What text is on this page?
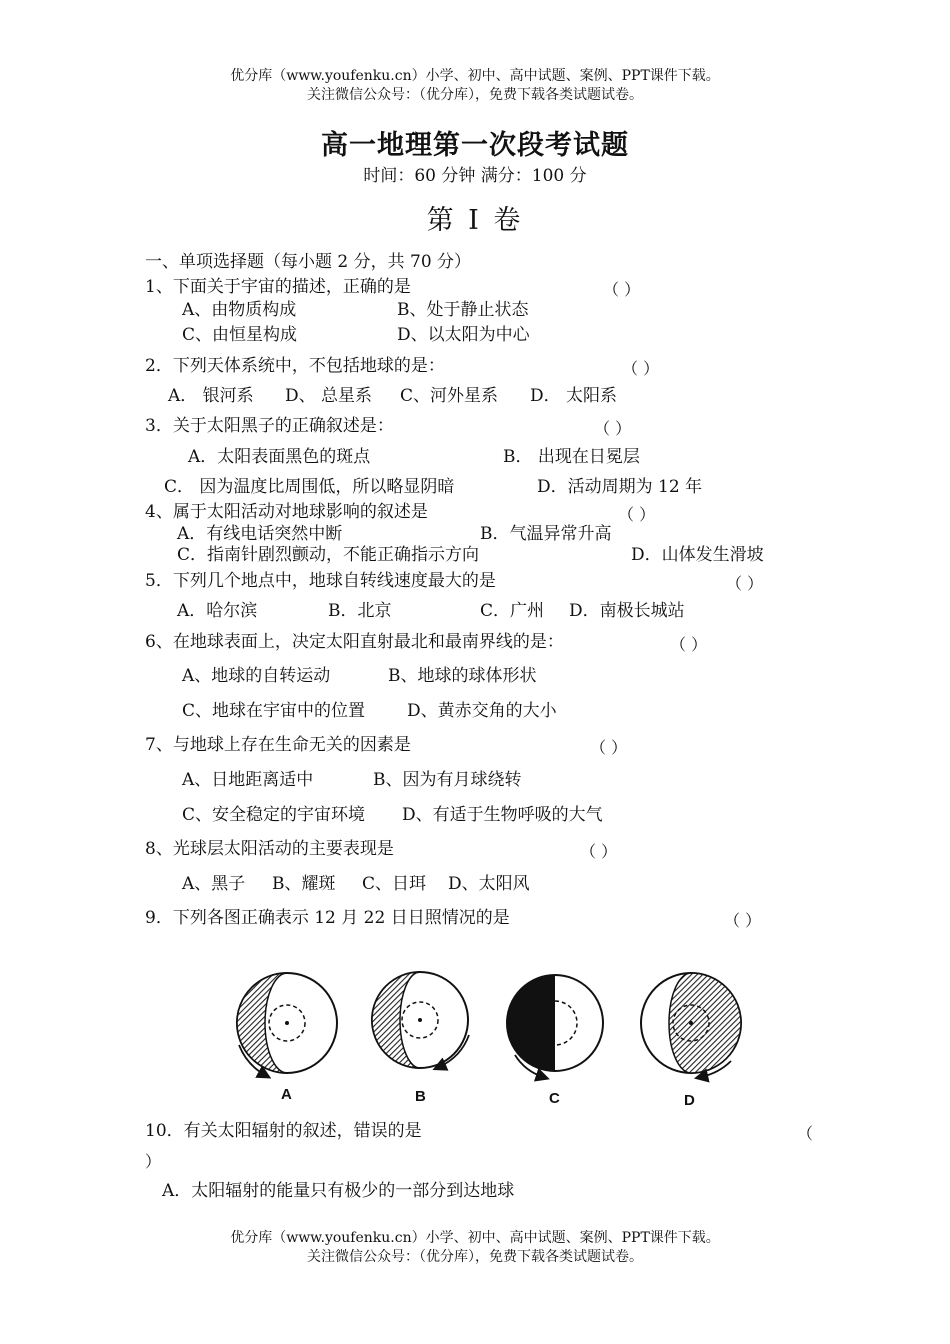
优分库（www.youfenku.cn）小学、初中、高中试题、案例、PPT课件下载。
关注微信公众号：（优分库），免费下载各类试题试卷。
高一地理第一次段考试题
时间：60 分钟 满分：100 分
第 I 卷
一、单项选择题（每小题 2 分，共 70 分）
1、下面关于宇宙的描述，正确的是	（ ）
A、由物质构成	B、处于静止状态
C、由恒星构成	D、以太阳为中心
2．下列天体系统中，不包括地球的是：	（ ）
A． 银河系 D、 总星系 C、河外星系 D． 太阳系
3．关于太阳黑子的正确叙述是：	（ ）
A．太阳表面黑色的斑点	B． 出现在日冕层
C． 因为温度比周围低，所以略显阴暗	D．活动周期为 12 年
4、属于太阳活动对地球影响的叙述是	（ ）
A．有线电话突然中断	B．气温异常升高
C．指南针剧烈颤动，不能正确指示方向	D．山体发生滑坡
5．下列几个地点中，地球自转线速度最大的是	（ ）
A．哈尔滨	B．北京	C．广州 D．南极长城站
6、在地球表面上，决定太阳直射最北和最南界线的是：	（ ）
A、地球的自转运动	B、地球的球体形状
C、地球在宇宙中的位置 D、黄赤交角的大小
7、与地球上存在生命无关的因素是	（ ）
A、日地距离适中	B、因为有月球绕转
C、安全稳定的宇宙环境 D、有适于生物呼吸的大气
8、光球层太阳活动的主要表现是	（ ）
A、黑子 B、耀斑 C、日珥 D、太阳风
9．下列各图正确表示 12 月 22 日日照情况的是	（ ）
A	B	C	D
10．有关太阳辐射的叙述，错误的是	（
）
A．太阳辐射的能量只有极少的一部分到达地球
优分库（www.youfenku.cn）小学、初中、高中试题、案例、PPT课件下载。
关注微信公众号：（优分库），免费下载各类试题试卷。
